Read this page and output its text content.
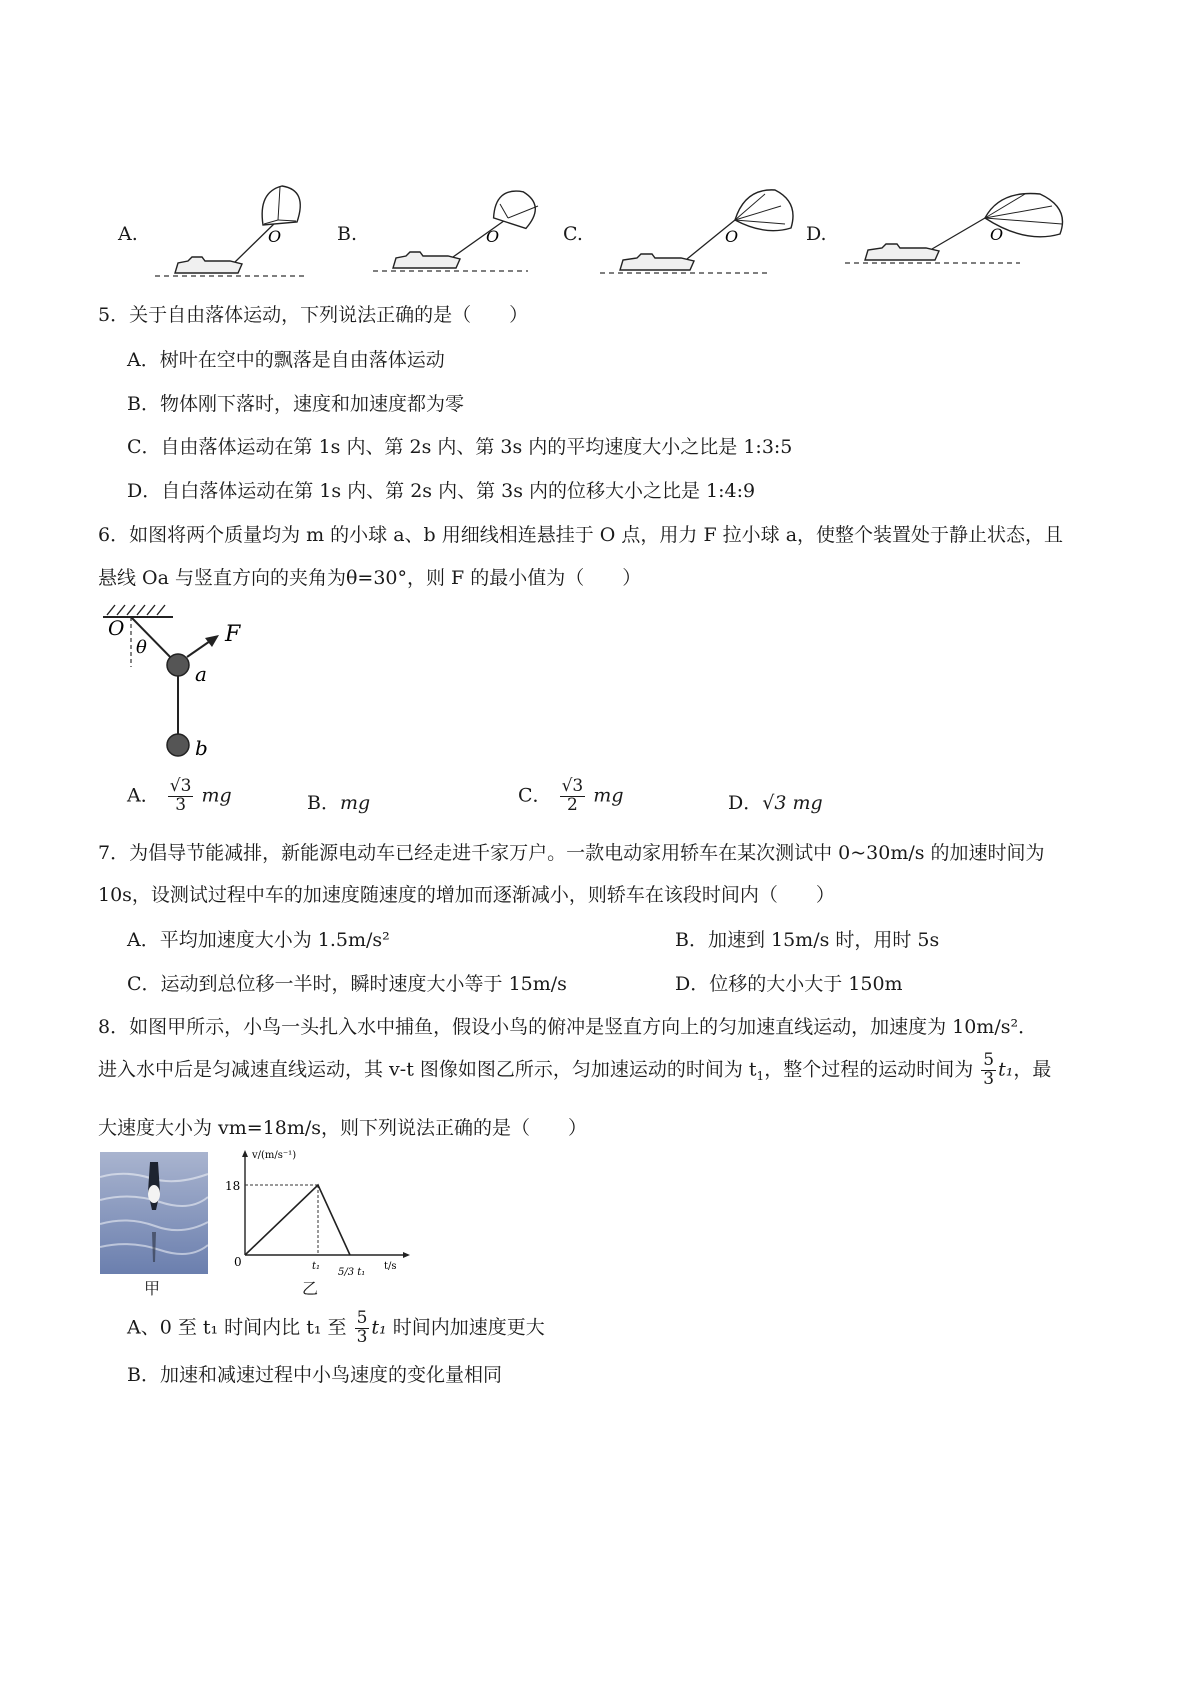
A.	O	B.	O	C.	O	D.	O
5．关于自由落体运动，下列说法正确的是（　　）
A．树叶在空中的飘落是自由落体运动
B．物体刚下落时，速度和加速度都为零
C．自由落体运动在第 1s 内、第 2s 内、第 3s 内的平均速度大小之比是 1:3:5
D．自白落体运动在第 1s 内、第 2s 内、第 3s 内的位移大小之比是 1:4:9
6．如图将两个质量均为 m 的小球 a、b 用细线相连悬挂于 O 点，用力 F 拉小球 a，使整个装置处于静止状态，且
悬线 Oa 与竖直方向的夹角为θ=30°，则 F 的最小值为（　　）
O
θ
F
a
b
A． $\frac{√3}{3}$ mg	B．mg	C． $\frac{√3}{2}$ mg	D．√3 mg
7．为倡导节能减排，新能源电动车已经走进千家万户。一款电动家用轿车在某次测试中 0~30m/s 的加速时间为
10s，设测试过程中车的加速度随速度的增加而逐渐减小，则轿车在该段时间内（　　）
A．平均加速度大小为 1.5m/s²	B．加速到 15m/s 时，用时 5s
C．运动到总位移一半时，瞬时速度大小等于 15m/s	D．位移的大小大于 150m
8．如图甲所示，小鸟一头扎入水中捕鱼，假设小鸟的俯冲是竖直方向上的匀加速直线运动，加速度为 10m/s²．
进入水中后是匀减速直线运动，其 v-t 图像如图乙所示，匀加速运动的时间为 $t_1$，整个过程的运动时间为 $\frac{5}{3} t_1$，最
大速度大小为 vm=18m/s，则下列说法正确的是（　　）
甲
v/(m/s⁻¹)
18
0	t₁
5/3 t₁
t/s
乙
A、0 至 t₁ 时间内比 t₁ 至 $\frac{5}{3} t_1$ 时间内加速度更大
B．加速和减速过程中小鸟速度的变化量相同
